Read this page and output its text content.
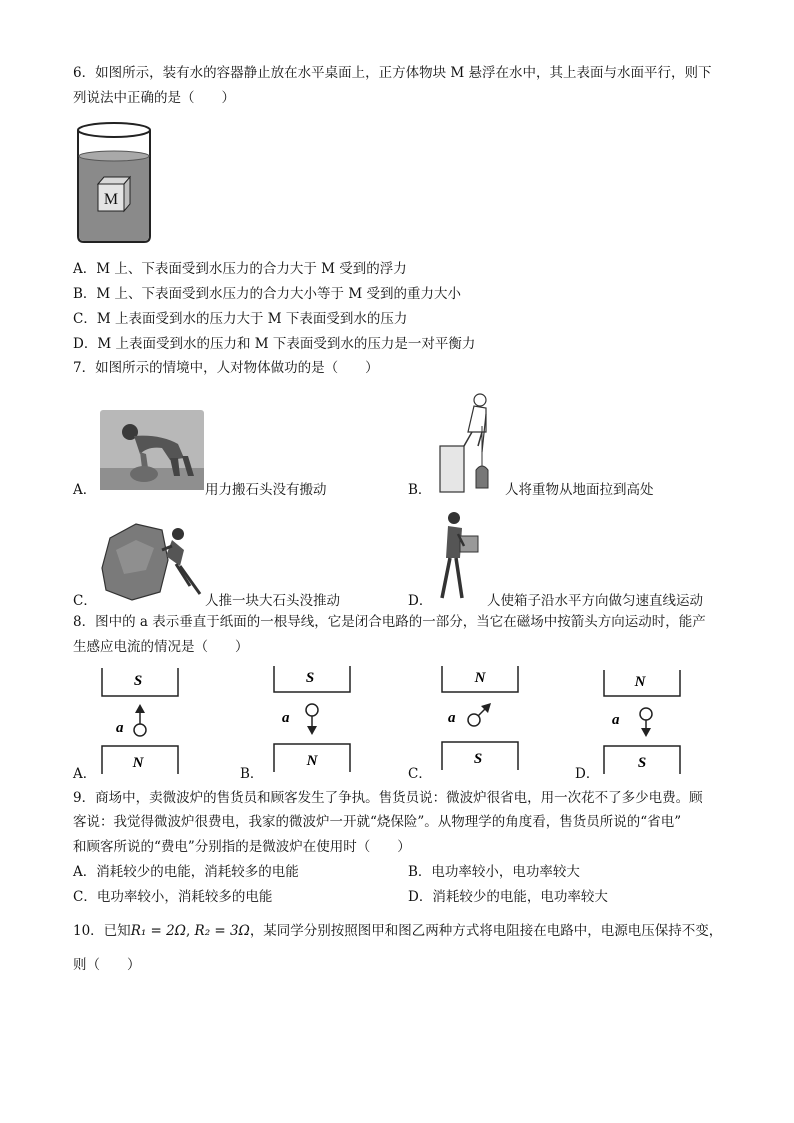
6．如图所示，装有水的容器静止放在水平桌面上，正方体物块 M 悬浮在水中，其上表面与水面平行，则下
列说法中正确的是（　　）
M
A．M 上、下表面受到水压力的合力大于 M 受到的浮力
B．M 上、下表面受到水压力的合力大小等于 M 受到的重力大小
C．M 上表面受到水的压力大于 M 下表面受到水的压力
D．M 上表面受到水的压力和 M 下表面受到水的压力是一对平衡力
7．如图所示的情境中，人对物体做功的是（　　）
A．	用力搬石头没有搬动	B．	人将重物从地面拉到高处
C．	人推一块大石头没推动	D．	人使箱子沿水平方向做匀速直线运动
8．图中的 a 表示垂直于纸面的一根导线，它是闭合电路的一部分，当它在磁场中按箭头方向运动时，能产
生感应电流的情况是（　　）
S
a
N
A．
S
a
N
B．
N
a
S
C．
N
a
S
D．
9．商场中，卖微波炉的售货员和顾客发生了争执。售货员说：微波炉很省电，用一次花不了多少电费。顾
客说：我觉得微波炉很费电，我家的微波炉一开就“烧保险”。从物理学的角度看，售货员所说的“省电”
和顾客所说的“费电”分别指的是微波炉在使用时（　　）
A．消耗较少的电能，消耗较多的电能	B．电功率较小，电功率较大
C．电功率较小，消耗较多的电能	D．消耗较少的电能，电功率较大
10．已知R₁ = 2Ω, R₂ = 3Ω，某同学分别按照图甲和图乙两种方式将电阻接在电路中，电源电压保持不变，
则（　　）
